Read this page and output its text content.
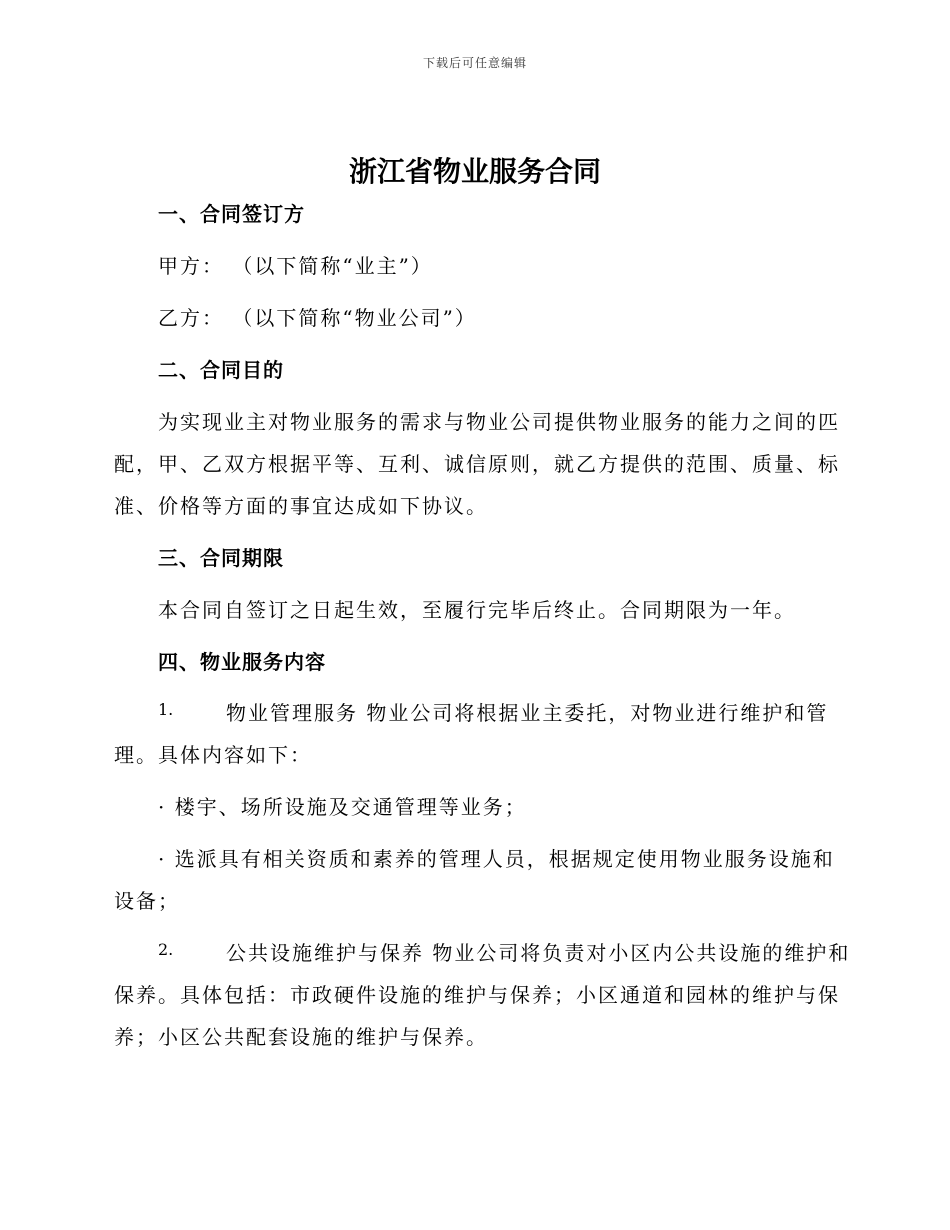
下载后可任意编辑
浙江省物业服务合同
一、合同签订方
甲方： （以下简称“业主”）
乙方： （以下简称“物业公司”）
二、合同目的
为实现业主对物业服务的需求与物业公司提供物业服务的能力之间的匹
配，甲、乙双方根据平等、互利、诚信原则，就乙方提供的范围、质量、标
准、价格等方面的事宜达成如下协议。
三、合同期限
本合同自签订之日起生效，至履行完毕后终止。合同期限为一年。
四、物业服务内容
1.	物业管理服务 物业公司将根据业主委托，对物业进行维护和管
理。具体内容如下：
· 楼宇、场所设施及交通管理等业务；
· 选派具有相关资质和素养的管理人员，根据规定使用物业服务设施和
设备；
2.	公共设施维护与保养 物业公司将负责对小区内公共设施的维护和
保养。具体包括：市政硬件设施的维护与保养；小区通道和园林的维护与保
养；小区公共配套设施的维护与保养。
